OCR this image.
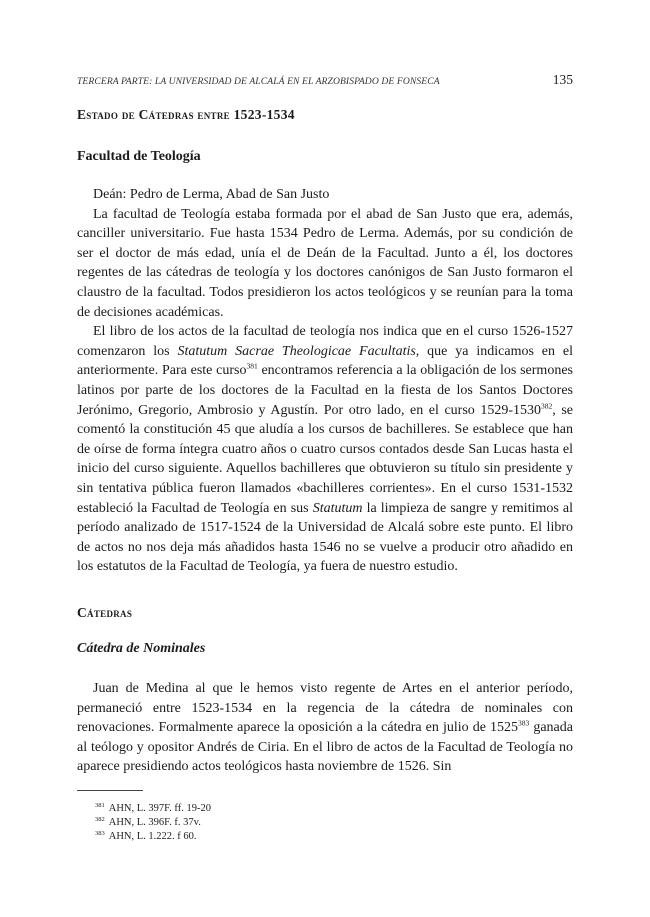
TERCERA PARTE: LA UNIVERSIDAD DE ALCALÁ EN EL ARZOBISPADO DE FONSECA	135
Estado de Cátedras entre 1523-1534
Facultad de Teología

Deán: Pedro de Lerma, Abad de San Justo

La facultad de Teología estaba formada por el abad de San Justo que era, además, canciller universitario. Fue hasta 1534 Pedro de Lerma. Además, por su condición de ser el doctor de más edad, unía el de Deán de la Facultad. Junto a él, los doctores regentes de las cátedras de teología y los doctores canónigos de San Justo formaron el claustro de la facultad. Todos presidieron los actos teológicos y se reunían para la toma de decisiones académicas.

El libro de los actos de la facultad de teología nos indica que en el curso 1526-1527 comenzaron los Statutum Sacrae Theologicae Facultatis, que ya indicamos en el anteriormente. Para este curso$^{381}$ encontramos referencia a la obligación de los sermones latinos por parte de los doctores de la Facultad en la fiesta de los Santos Doctores Jerónimo, Gregorio, Ambrosio y Agustín. Por otro lado, en el curso 1529-1530$^{382}$, se comentó la constitución 45 que aludía a los cursos de bachilleres. Se establece que han de oírse de forma íntegra cuatro años o cuatro cursos contados desde San Lucas hasta el inicio del curso siguiente. Aquellos bachilleres que obtuvieron su título sin presidente y sin tentativa pública fueron llamados «bachilleres corrientes». En el curso 1531-1532 estableció la Facultad de Teología en sus Statutum la limpieza de sangre y remitimos al período analizado de 1517-1524 de la Universidad de Alcalá sobre este punto. El libro de actos no nos deja más añadidos hasta 1546 no se vuelve a producir otro añadido en los estatutos de la Facultad de Teología, ya fuera de nuestro estudio.

Cátedras
Cátedra de Nominales

Juan de Medina al que le hemos visto regente de Artes en el anterior período, permaneció entre 1523-1534 en la regencia de la cátedra de nominales con renovaciones. Formalmente aparece la oposición a la cátedra en julio de 1525$^{383}$ ganada al teólogo y opositor Andrés de Ciria. En el libro de actos de la Facultad de Teología no aparece presidiendo actos teológicos hasta noviembre de 1526. Sin

$^{381}$ AHN, L. 397F. ff. 19-20
$^{382}$ AHN, L. 396F. f. 37v.
$^{383}$ AHN, L. 1.222. f 60.
